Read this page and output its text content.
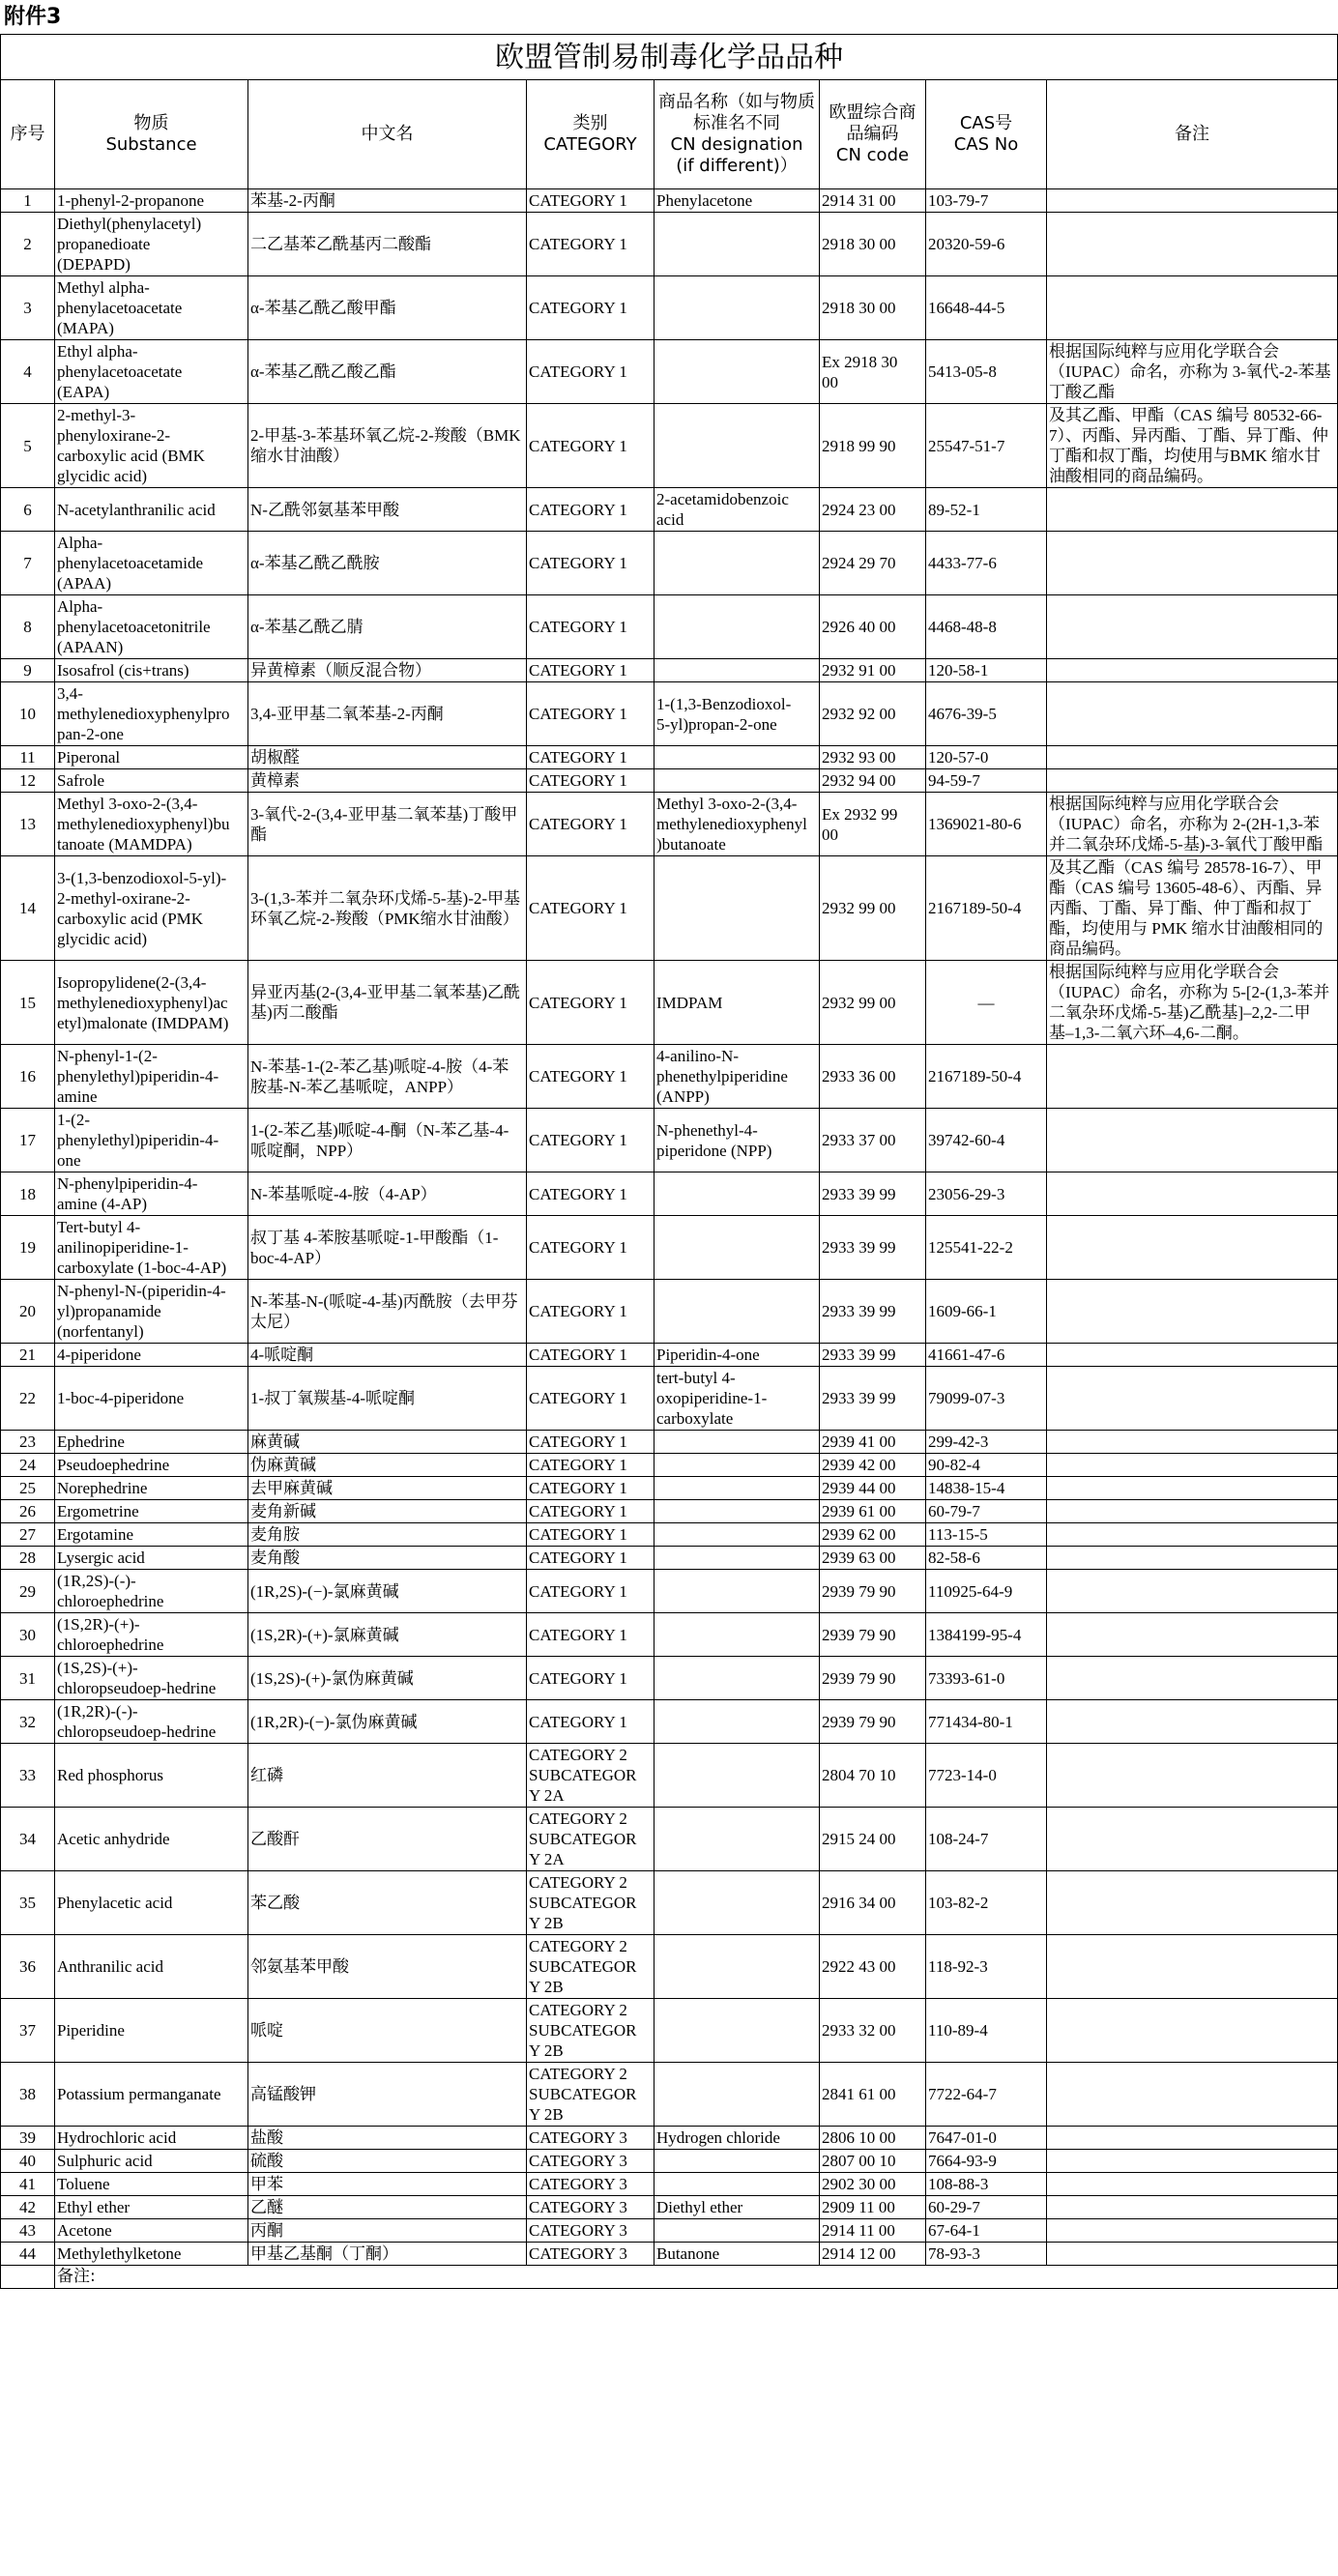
附件3

欧盟管制易制毒化学品品种							
序号	物质
Substance	中文名	类别
CATEGORY	商品名称（如与物质标准名不同
CN designation
(if different)）	欧盟综合商品编码
CN code	CAS号
CAS No	备注
1	1-phenyl-2-propanone	苯基-2-丙酮	CATEGORY 1	Phenylacetone	2914 31 00	103-79-7	
2	Diethyl(phenylacetyl)
propanedioate
(DEPAPD)	二乙基苯乙酰基丙二酸酯	CATEGORY 1		2918 30 00	20320-59-6	
3	Methyl alpha-
phenylacetoacetate
(MAPA)	α-苯基乙酰乙酸甲酯	CATEGORY 1		2918 30 00	16648-44-5	
4	Ethyl alpha-
phenylacetoacetate
(EAPA)	α-苯基乙酰乙酸乙酯	CATEGORY 1		Ex 2918 30
00	5413-05-8	根据国际纯粹与应用化学联合会（IUPAC）命名，亦称为 3-氧代-2-苯基丁酸乙酯
5	2-methyl-3-
phenyloxirane-2-
carboxylic acid (BMK
glycidic acid)	2-甲基-3-苯基环氧乙烷-2-羧酸（BMK缩水甘油酸）	CATEGORY 1		2918 99 90	25547-51-7	及其乙酯、甲酯（CAS 编号 80532-66-7）、丙酯、异丙酯、丁酯、异丁酯、仲丁酯和叔丁酯，均使用与BMK 缩水甘油酸相同的商品编码。
6	N-acetylanthranilic acid	N-乙酰邻氨基苯甲酸	CATEGORY 1	2-acetamidobenzoic
acid	2924 23 00	89-52-1	
7	Alpha-
phenylacetoacetamide
(APAA)	α-苯基乙酰乙酰胺	CATEGORY 1		2924 29 70	4433-77-6	
8	Alpha-
phenylacetoacetonitrile
(APAAN)	α-苯基乙酰乙腈	CATEGORY 1		2926 40 00	4468-48-8	
9	Isosafrol (cis+trans)	异黄樟素（顺反混合物）	CATEGORY 1		2932 91 00	120-58-1	
10	3,4-
methylenedioxyphenylpro
pan-2-one	3,4-亚甲基二氧苯基-2-丙酮	CATEGORY 1	1-(1,3-Benzodioxol-
5-yl)propan-2-one	2932 92 00	4676-39-5	
11	Piperonal	胡椒醛	CATEGORY 1		2932 93 00	120-57-0	
12	Safrole	黄樟素	CATEGORY 1		2932 94 00	94-59-7	
13	Methyl 3-oxo-2-(3,4-
methylenedioxyphenyl)bu
tanoate (MAMDPA)	3-氧代-2-(3,4-亚甲基二氧苯基)丁酸甲酯	CATEGORY 1	Methyl 3-oxo-2-(3,4-
methylenedioxyphenyl
)butanoate	Ex 2932 99
00	1369021-80-6	根据国际纯粹与应用化学联合会（IUPAC）命名，亦称为 2-(2H-1,3-苯并二氧杂环戊烯-5-基)-3-氧代丁酸甲酯
14	3-(1,3-benzodioxol-5-yl)-
2-methyl-oxirane-2-
carboxylic acid (PMK
glycidic acid)	3-(1,3-苯并二氧杂环戊烯-5-基)-2-甲基环氧乙烷-2-羧酸（PMK缩水甘油酸）	CATEGORY 1		2932 99 00	2167189-50-4	及其乙酯（CAS 编号 28578-16-7）、甲酯（CAS 编号 13605-48-6）、丙酯、异丙酯、丁酯、异丁酯、仲丁酯和叔丁酯，均使用与 PMK 缩水甘油酸相同的商品编码。
15	Isopropylidene(2-(3,4-
methylenedioxyphenyl)ac
etyl)malonate (IMDPAM)	异亚丙基(2-(3,4-亚甲基二氧苯基)乙酰基)丙二酸酯	CATEGORY 1	IMDPAM	2932 99 00	—	根据国际纯粹与应用化学联合会（IUPAC）命名，亦称为 5-[2-(1,3-苯并二氧杂环戊烯-5-基)乙酰基]–2,2-二甲基–1,3-二氧六环–4,6-二酮。
16	N-phenyl-1-(2-
phenylethyl)piperidin-4-
amine	N-苯基-1-(2-苯乙基)哌啶-4-胺（4-苯胺基-N-苯乙基哌啶，ANPP）	CATEGORY 1	4-anilino-N-
phenethylpiperidine
(ANPP)	2933 36 00	2167189-50-4	
17	1-(2-
phenylethyl)piperidin-4-
one	1-(2-苯乙基)哌啶-4-酮（N-苯乙基-4-哌啶酮，NPP）	CATEGORY 1	N-phenethyl-4-
piperidone (NPP)	2933 37 00	39742-60-4	
18	N-phenylpiperidin-4-
amine (4-AP)	N-苯基哌啶-4-胺（4-AP）	CATEGORY 1		2933 39 99	23056-29-3	
19	Tert-butyl 4-
anilinopiperidine-1-
carboxylate (1-boc-4-AP)	叔丁基 4-苯胺基哌啶-1-甲酸酯（1-boc-4-AP）	CATEGORY 1		2933 39 99	125541-22-2	
20	N-phenyl-N-(piperidin-4-
yl)propanamide
(norfentanyl)	N-苯基-N-(哌啶-4-基)丙酰胺（去甲芬太尼）	CATEGORY 1		2933 39 99	1609-66-1	
21	4-piperidone	4-哌啶酮	CATEGORY 1	Piperidin-4-one	2933 39 99	41661-47-6	
22	1-boc-4-piperidone	1-叔丁氧羰基-4-哌啶酮	CATEGORY 1	tert-butyl 4-
oxopiperidine-1-
carboxylate	2933 39 99	79099-07-3	
23	Ephedrine	麻黄碱	CATEGORY 1		2939 41 00	299-42-3	
24	Pseudoephedrine	伪麻黄碱	CATEGORY 1		2939 42 00	90-82-4	
25	Norephedrine	去甲麻黄碱	CATEGORY 1		2939 44 00	14838-15-4	
26	Ergometrine	麦角新碱	CATEGORY 1		2939 61 00	60-79-7	
27	Ergotamine	麦角胺	CATEGORY 1		2939 62 00	113-15-5	
28	Lysergic acid	麦角酸	CATEGORY 1		2939 63 00	82-58-6	
29	(1R,2S)-(-)-
chloroephedrine	(1R,2S)-(−)-氯麻黄碱	CATEGORY 1		2939 79 90	110925-64-9	
30	(1S,2R)-(+)-
chloroephedrine	(1S,2R)-(+)-氯麻黄碱	CATEGORY 1		2939 79 90	1384199-95-4	
31	(1S,2S)-(+)-
chloropseudoep-hedrine	(1S,2S)-(+)-氯伪麻黄碱	CATEGORY 1		2939 79 90	73393-61-0	
32	(1R,2R)-(-)-
chloropseudoep-hedrine	(1R,2R)-(−)-氯伪麻黄碱	CATEGORY 1		2939 79 90	771434-80-1	
33	Red phosphorus	红磷	CATEGORY 2
SUBCATEGOR
Y 2A		2804 70 10	7723-14-0	
34	Acetic anhydride	乙酸酐	CATEGORY 2
SUBCATEGOR
Y 2A		2915 24 00	108-24-7	
35	Phenylacetic acid	苯乙酸	CATEGORY 2
SUBCATEGOR
Y 2B		2916 34 00	103-82-2	
36	Anthranilic acid	邻氨基苯甲酸	CATEGORY 2
SUBCATEGOR
Y 2B		2922 43 00	118-92-3	
37	Piperidine	哌啶	CATEGORY 2
SUBCATEGOR
Y 2B		2933 32 00	110-89-4	
38	Potassium permanganate	高锰酸钾	CATEGORY 2
SUBCATEGOR
Y 2B		2841 61 00	7722-64-7	
39	Hydrochloric acid	盐酸	CATEGORY 3	Hydrogen chloride	2806 10 00	7647-01-0	
40	Sulphuric acid	硫酸	CATEGORY 3		2807 00 10	7664-93-9	
41	Toluene	甲苯	CATEGORY 3		2902 30 00	108-88-3	
42	Ethyl ether	乙醚	CATEGORY 3	Diethyl ether	2909 11 00	60-29-7	
43	Acetone	丙酮	CATEGORY 3		2914 11 00	67-64-1	
44	Methylethylketone	甲基乙基酮（丁酮）	CATEGORY 3	Butanone	2914 12 00	78-93-3	
	备注:						
